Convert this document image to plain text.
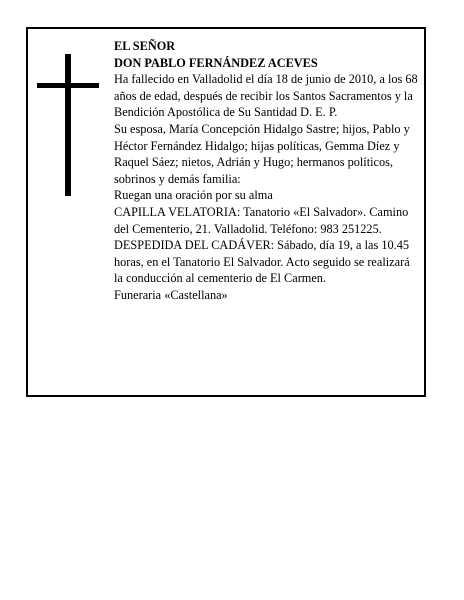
EL SEÑOR

DON PABLO FERNÁNDEZ ACEVES

Ha fallecido en Valladolid el día 18 de junio de 2010, a los 68 años de edad, después de recibir los Santos Sacramentos y la Bendición Apostólica de Su Santidad D. E. P.

Su esposa, María Concepción Hidalgo Sastre; hijos, Pablo y Héctor Fernández Hidalgo; hijas políticas, Gemma Díez y Raquel Sáez; nietos, Adrián y Hugo; hermanos políticos, sobrinos y demás familia:

Ruegan una oración por su alma

CAPILLA VELATORIA: Tanatorio «El Salvador». Camino del Cementerio, 21. Valladolid. Teléfono: 983 251225.

DESPEDIDA DEL CADÁVER: Sábado, día 19, a las 10.45 horas, en el Tanatorio El Salvador. Acto seguido se realizará la conducción al cementerio de El Carmen.

Funeraria «Castellana»
